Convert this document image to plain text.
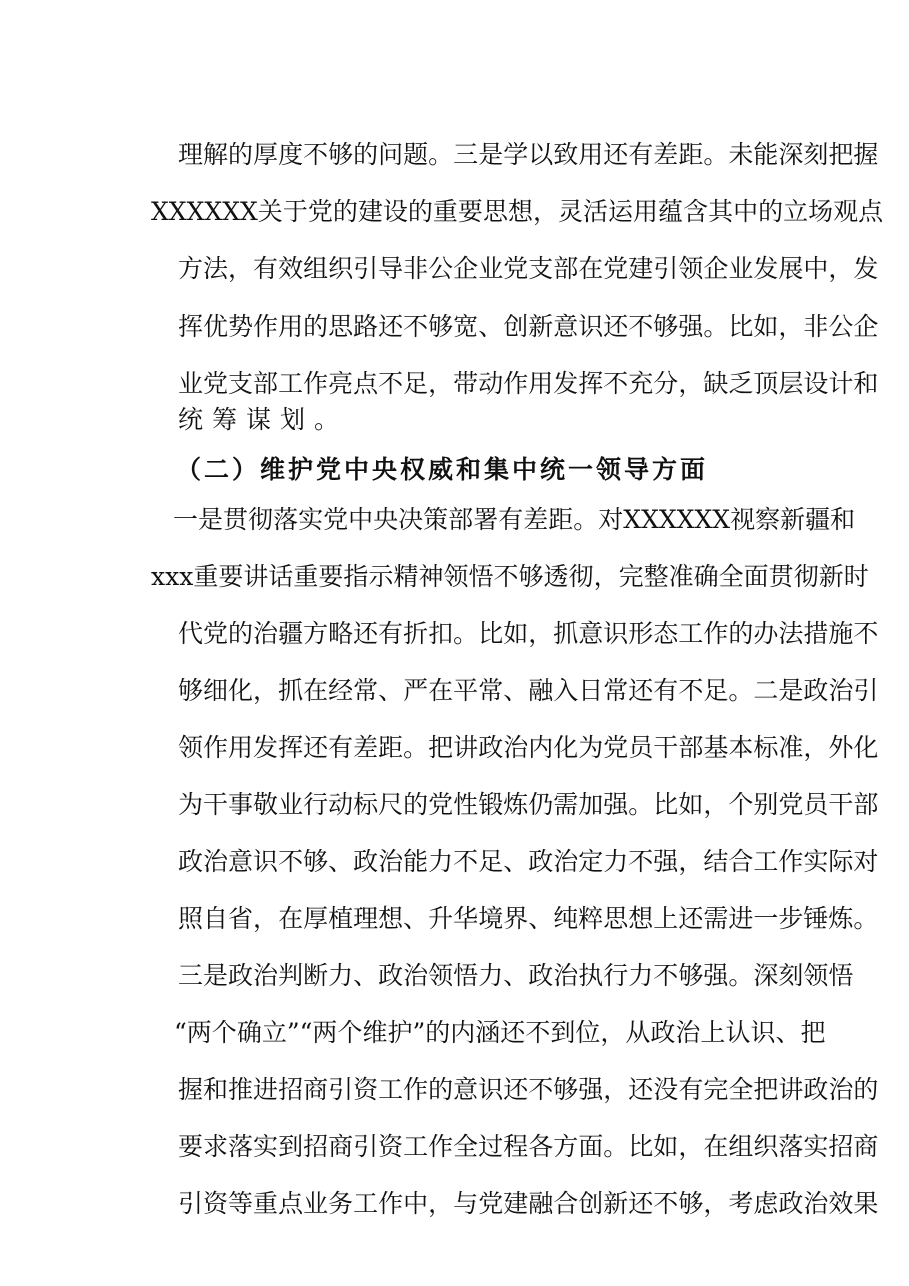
理 解 的 厚 度 不 够 的 问 题 。 三 是 学 以 致 用 还 有 差 距 。 未 能 深 刻 把 握
XXXXXX 关 于 党 的 建 设 的 重 要 思 想 ， 灵 活 运 用 蕴 含 其 中 的 立 场 观 点
方 法 ， 有 效 组 织 引 导 非 公 企 业 党 支 部 在 党 建 引 领 企 业 发 展 中 ， 发
挥 优 势 作 用 的 思 路 还 不 够 宽 、 创 新 意 识 还 不 够 强 。 比 如 ， 非 公 企
业 党 支 部 工 作 亮 点 不 足 ， 带 动 作 用 发 挥 不 充 分 ， 缺 乏 顶 层 设 计 和
统筹谋划。
（二）维护党中央权威和集中统一领导方面
一 是 贯 彻 落 实 党 中 央 决 策 部 署 有 差 距 。 对 XXXXXX 视 察 新 疆 和
xxx 重 要 讲 话 重 要 指 示 精 神 领 悟 不 够 透 彻 ， 完 整 准 确 全 面 贯 彻 新 时
代 党 的 治 疆 方 略 还 有 折 扣 。 比 如 ， 抓 意 识 形 态 工 作 的 办 法 措 施 不
够 细 化 ， 抓 在 经 常 、 严 在 平 常 、 融 入 日 常 还 有 不 足 。 二 是 政 治 引
领 作 用 发 挥 还 有 差 距 。 把 讲 政 治 内 化 为 党 员 干 部 基 本 标 准 ， 外 化
为 干 事 敬 业 行 动 标 尺 的 党 性 锻 炼 仍 需 加 强 。 比 如 ， 个 别 党 员 干 部
政 治 意 识 不 够 、 政 治 能 力 不 足 、 政 治 定 力 不 强 ， 结 合 工 作 实 际 对
照 自 省 ， 在 厚 植 理 想 、 升 华 境 界 、 纯 粹 思 想 上 还 需 进 一 步 锤 炼 。
三 是 政 治 判 断 力 、 政 治 领 悟 力 、 政 治 执 行 力 不 够 强 。 深 刻 领 悟
“ 两 个 确 立 ” “ 两 个 维 护 ” 的 内 涵 还 不 到 位 ， 从 政 治 上 认 识 、 把
握 和 推 进 招 商 引 资 工 作 的 意 识 还 不 够 强 ， 还 没 有 完 全 把 讲 政 治 的
要 求 落 实 到 招 商 引 资 工 作 全 过 程 各 方 面 。 比 如 ， 在 组 织 落 实 招 商
引 资 等 重 点 业 务 工 作 中 ， 与 党 建 融 合 创 新 还 不 够 ， 考 虑 政 治 效 果
